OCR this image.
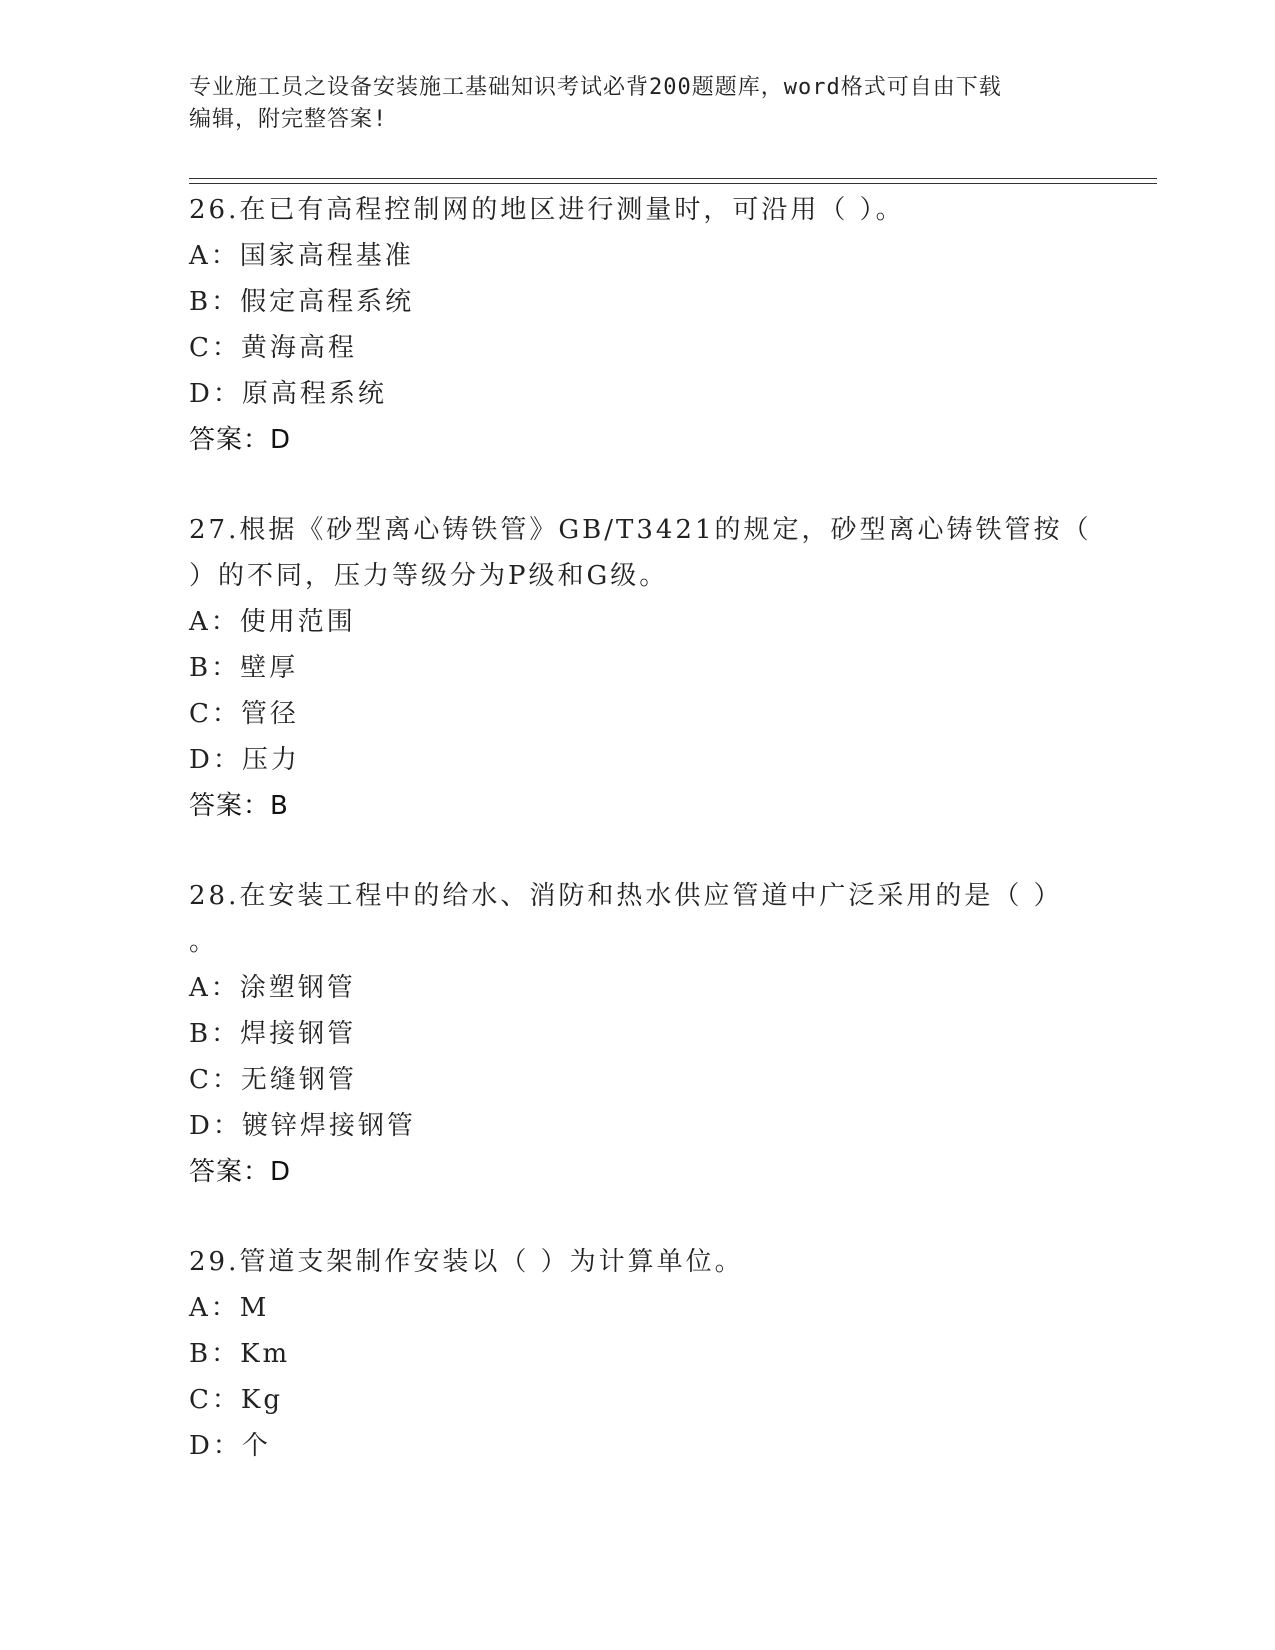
专业施工员之设备安装施工基础知识考试必背200题题库，word格式可自由下载
编辑，附完整答案!
26.在已有高程控制网的地区进行测量时，可沿用（ ）。
A：国家高程基准
B：假定高程系统
C：黄海高程
D：原高程系统
答案：D
27.根据《砂型离心铸铁管》GB/T3421的规定，砂型离心铸铁管按（
）的不同，压力等级分为P级和G级。
A：使用范围
B：壁厚
C：管径
D：压力
答案：B
28.在安装工程中的给水、消防和热水供应管道中广泛采用的是（ ）
。
A：涂塑钢管
B：焊接钢管
C：无缝钢管
D：镀锌焊接钢管
答案：D
29.管道支架制作安装以（ ）为计算单位。
A：M
B：Km
C：Kg
D：个
